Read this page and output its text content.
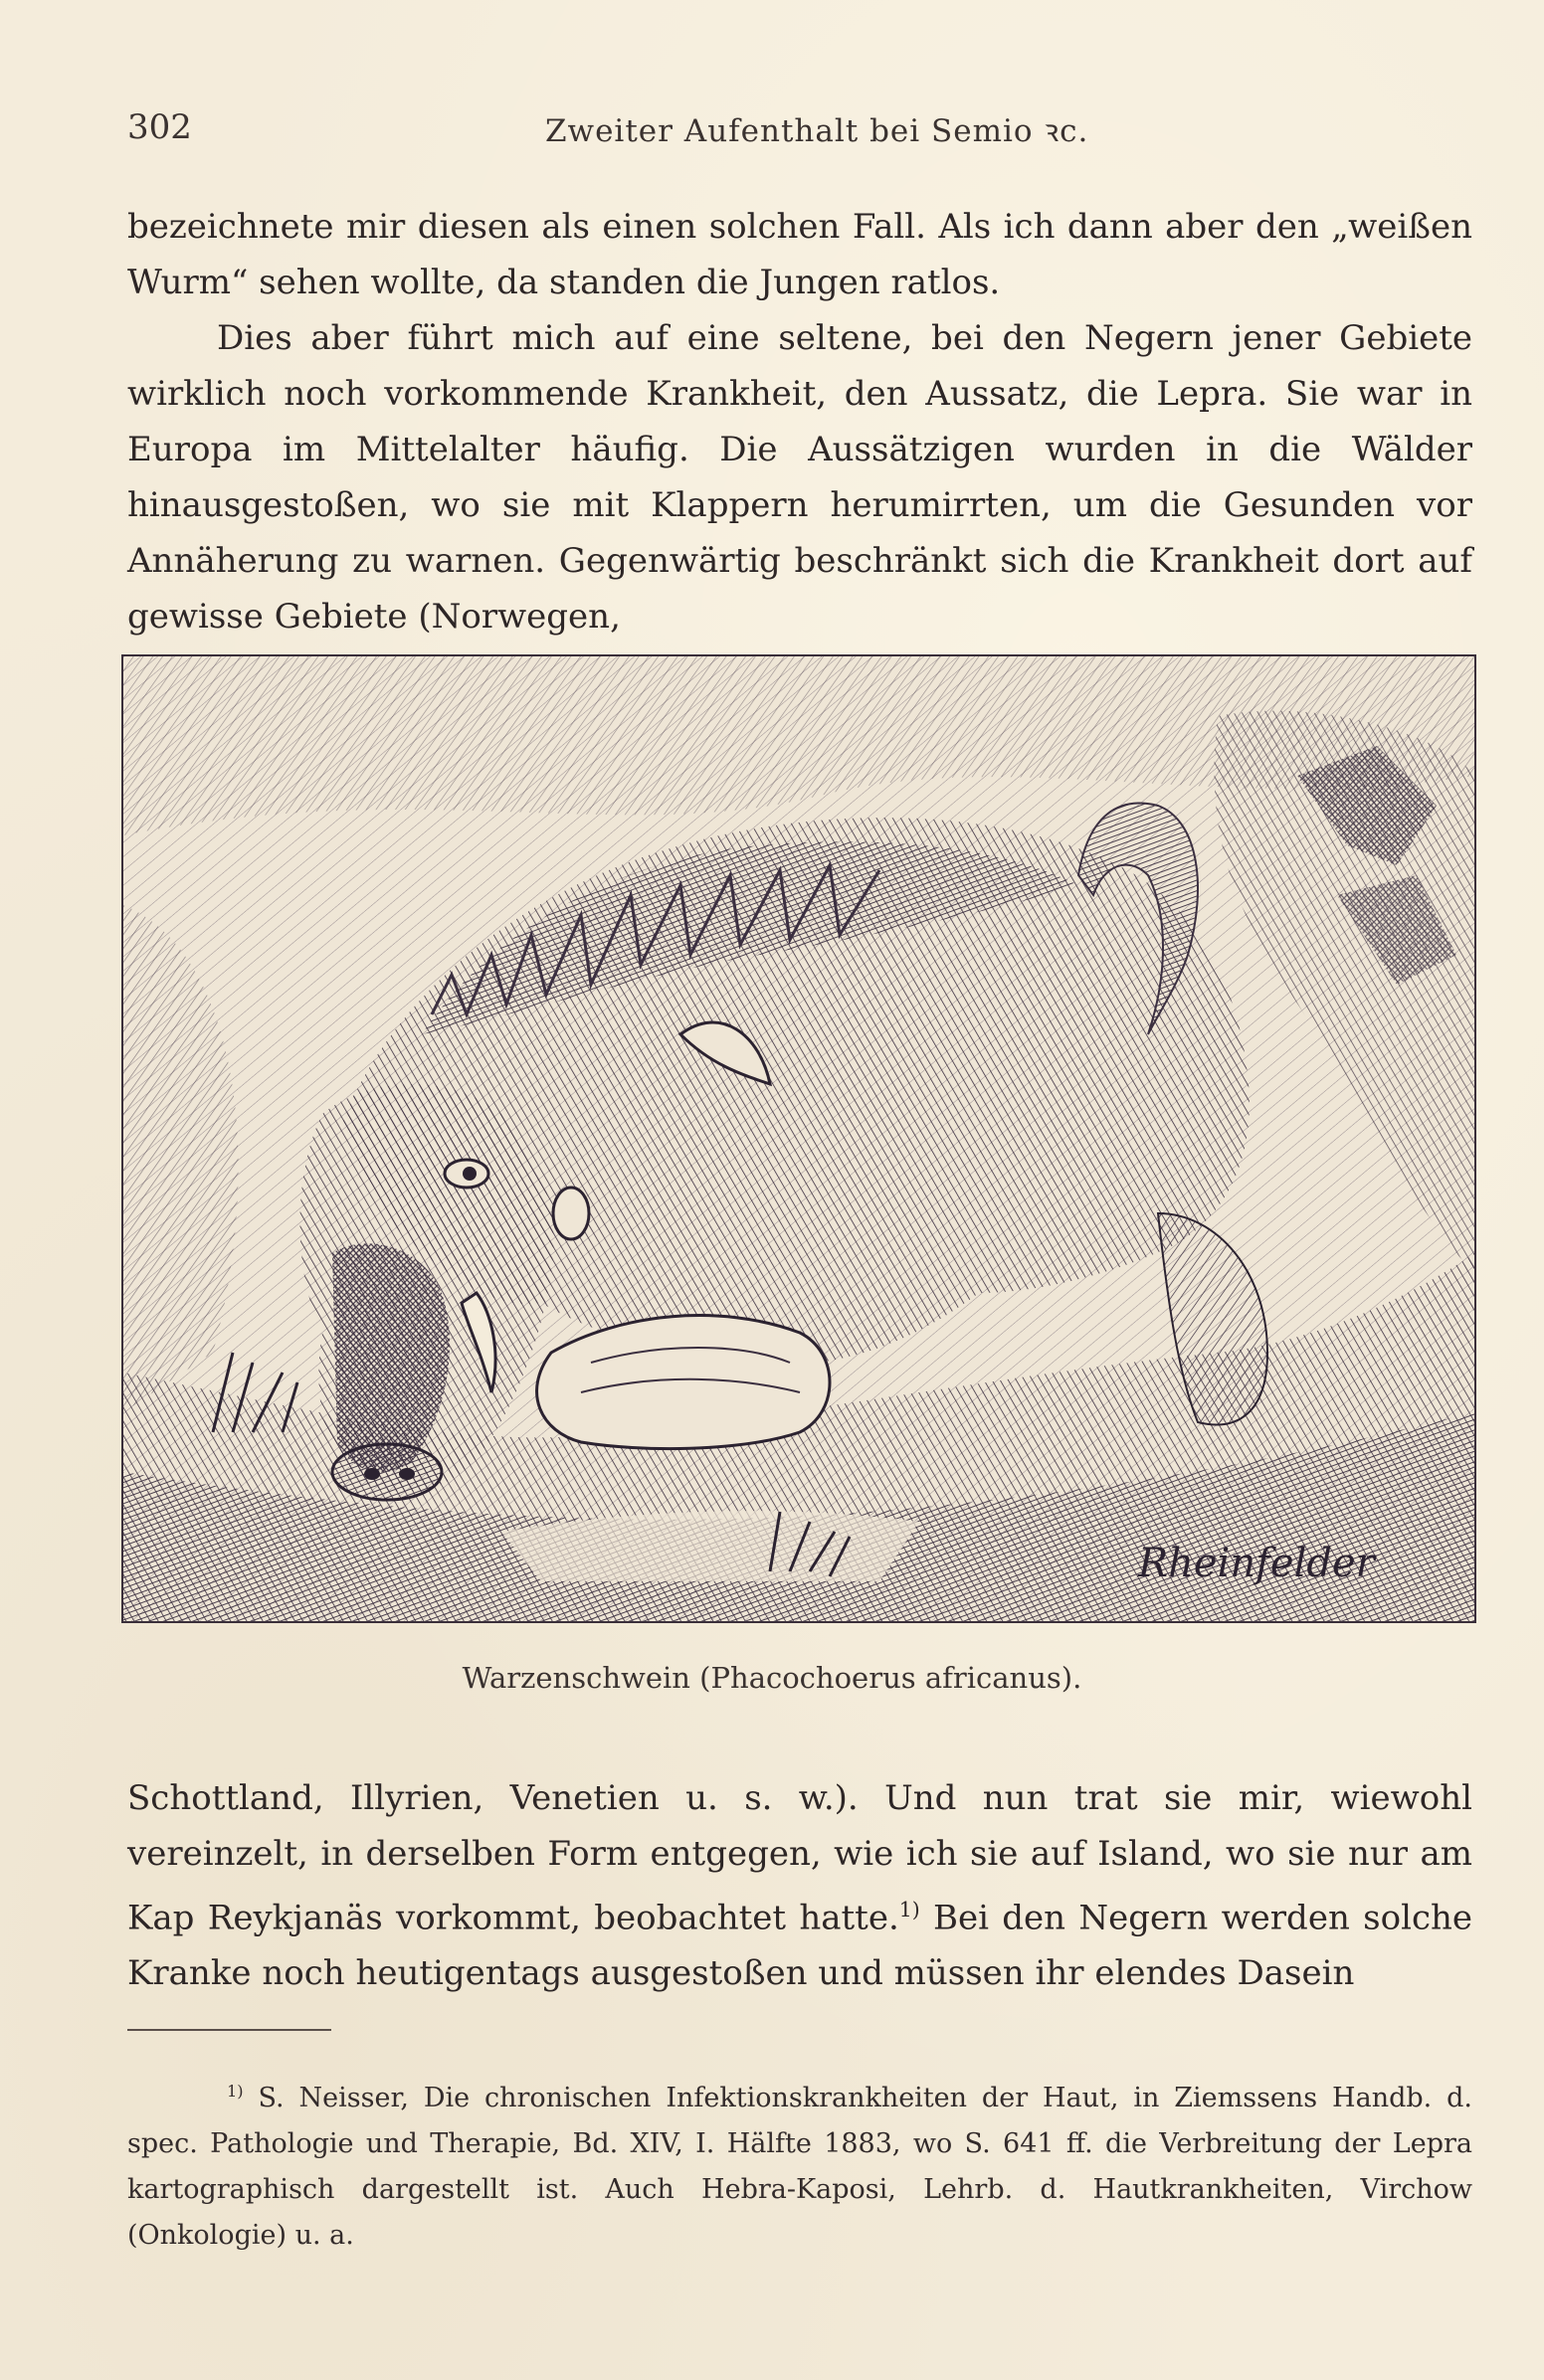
302	Zweiter Aufenthalt bei Semio ꝛc.

bezeichnete mir diesen als einen solchen Fall. Als ich dann aber den „weißen Wurm“ sehen wollte, da standen die Jungen ratlos.

Dies aber führt mich auf eine seltene, bei den Negern jener Gebiete wirklich noch vorkommende Krankheit, den Aussatz, die Lepra. Sie war in Europa im Mittelalter häufig. Die Aussätzigen wurden in die Wälder hinausgestoßen, wo sie mit Klappern herumirrten, um die Gesunden vor Annäherung zu warnen. Gegenwärtig beschränkt sich die Krankheit dort auf gewisse Gebiete (Norwegen,

Rheinfelder
Warzenschwein (Phacochoerus africanus).

Schottland, Illyrien, Venetien u. s. w.). Und nun trat sie mir, wiewohl vereinzelt, in derselben Form entgegen, wie ich sie auf Island, wo sie nur am Kap Reykjanäs vorkommt, beobachtet hatte.$^{1)}$ Bei den Negern werden solche Kranke noch heutigentags ausgestoßen und müssen ihr elendes Dasein

$^{1)}$ S. Neisser, Die chronischen Infektionskrankheiten der Haut, in Ziemssens Handb. d. spec. Pathologie und Therapie, Bd. XIV, I. Hälfte 1883, wo S. 641 ff. die Verbreitung der Lepra kartographisch dargestellt ist. Auch Hebra-Kaposi, Lehrb. d. Hautkrankheiten, Virchow (Onkologie) u. a.
